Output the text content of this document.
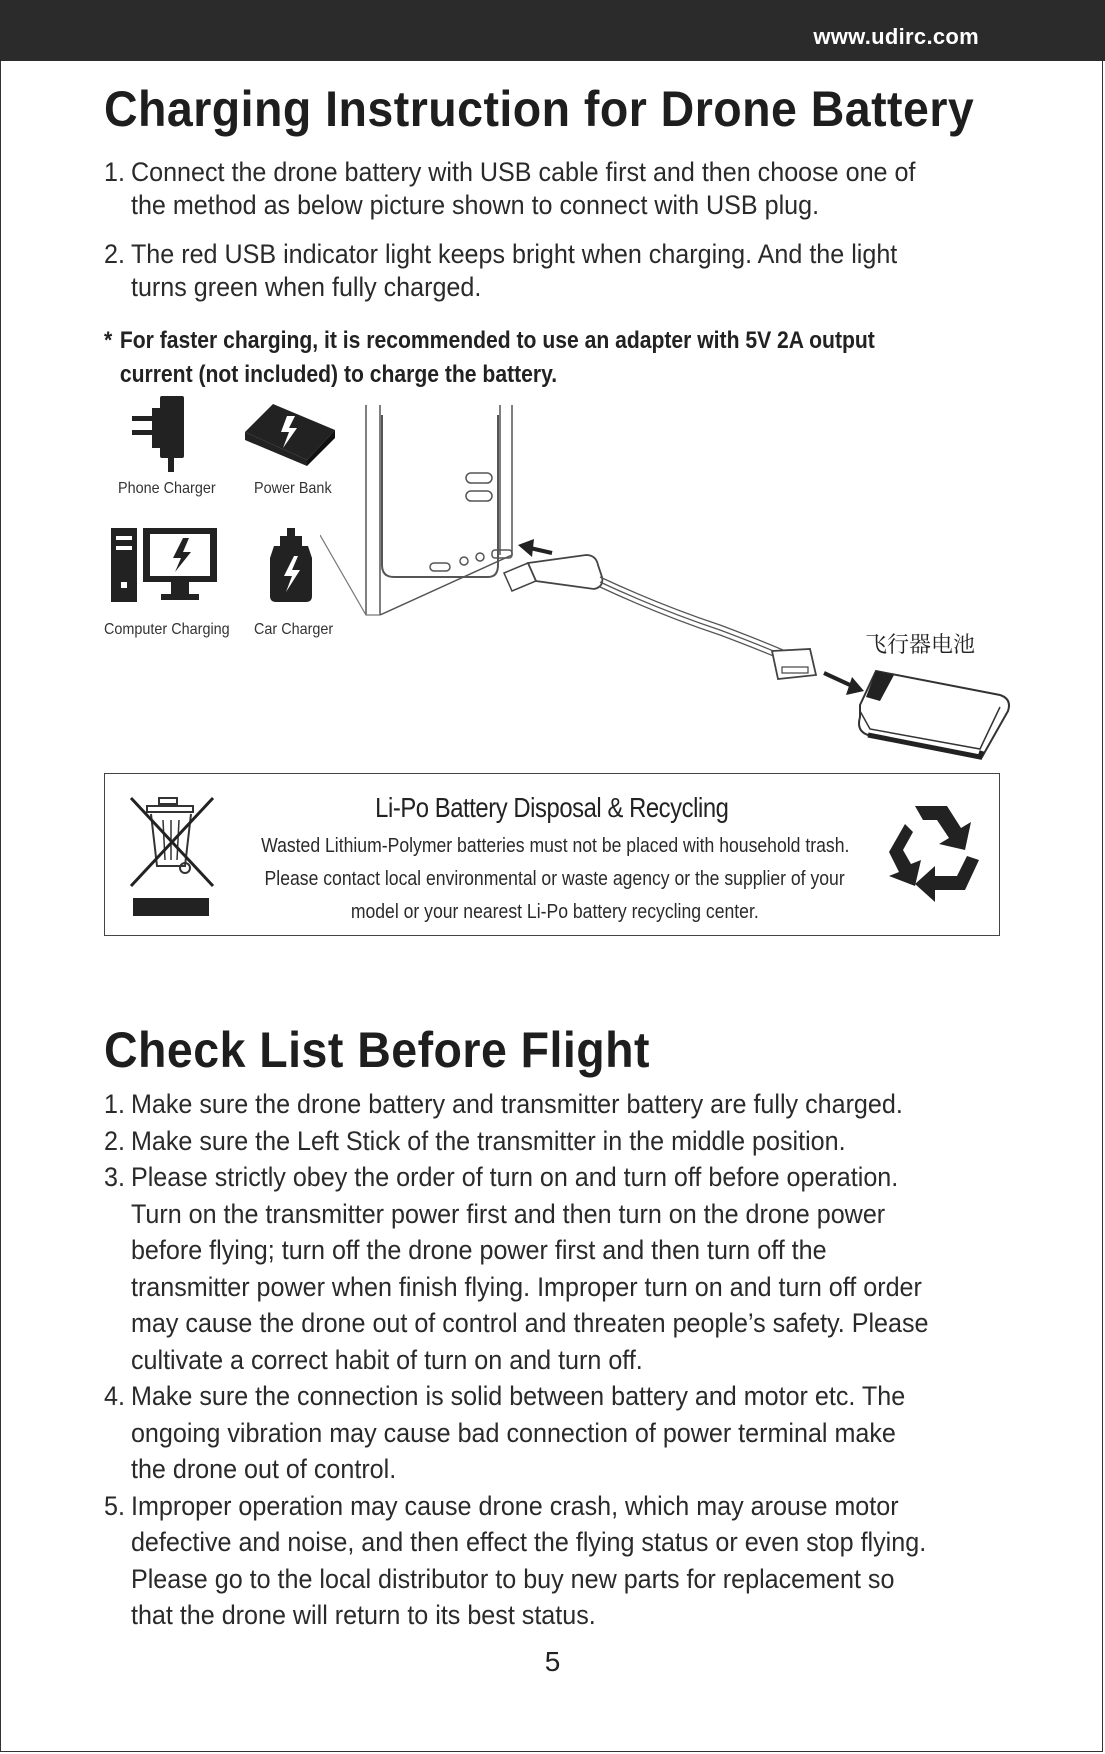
www.udirc.com
Charging Instruction for Drone Battery
1. Connect the drone battery with USB cable first and then choose one of the method as below picture shown to connect with USB plug.
2. The red USB indicator light keeps bright when charging. And the light turns green when fully charged.
* For faster charging, it is recommended to use an adapter with 5V 2A output current (not included) to charge the battery.
Phone Charger Power Bank
Computer Charging Car Charger
飞行器电池
Li-Po Battery Disposal & Recycling
Wasted Lithium-Polymer batteries must not be placed with household trash.
Please contact local environmental or waste agency or the supplier of your
model or your nearest Li-Po battery recycling center.
Check List Before Flight
1. Make sure the drone battery and transmitter battery are fully charged.
2. Make sure the Left Stick of the transmitter in the middle position.
3. Please strictly obey the order of turn on and turn off before operation. Turn on the transmitter power first and then turn on the drone power before flying; turn off the drone power first and then turn off the transmitter power when finish flying. Improper turn on and turn off order may cause the drone out of control and threaten people’s safety. Please cultivate a correct habit of turn on and turn off.
4. Make sure the connection is solid between battery and motor etc. The ongoing vibration may cause bad connection of power terminal make the drone out of control.
5. Improper operation may cause drone crash, which may arouse motor defective and noise, and then effect the flying status or even stop flying. Please go to the local distributor to buy new parts for replacement so that the drone will return to its best status.
5
